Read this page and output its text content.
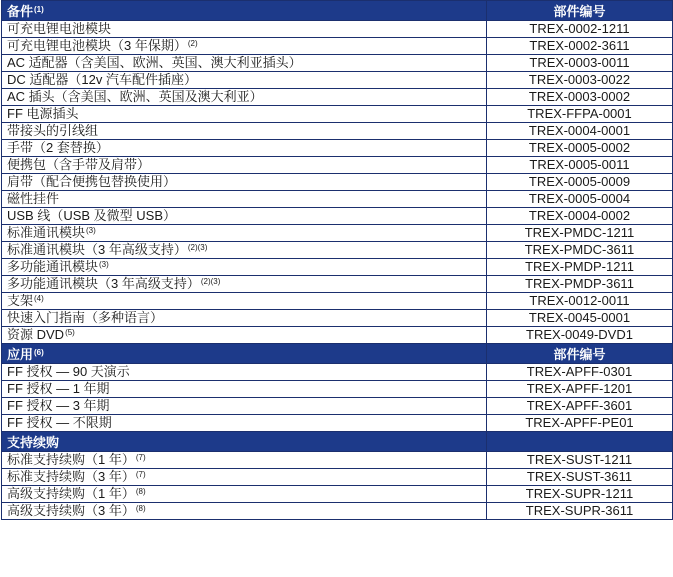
备件$^{(1)}$	部件编号
可充电锂电池模块	TREX-0002-1211
可充电锂电池模块（3 年保期）$^{(2)}$	TREX-0002-3611
AC 适配器（含美国、欧洲、英国、澳大利亚插头）	TREX-0003-0011
DC 适配器（12v 汽车配件插座）	TREX-0003-0022
AC 插头（含美国、欧洲、英国及澳大利亚）	TREX-0003-0002
FF 电源插头	TREX-FFPA-0001
带接头的引线组	TREX-0004-0001
手带（2 套替换）	TREX-0005-0002
便携包（含手带及肩带）	TREX-0005-0011
肩带（配合便携包替换使用）	TREX-0005-0009
磁性挂件	TREX-0005-0004
USB 线（USB 及微型 USB）	TREX-0004-0002
标准通讯模块$^{(3)}$	TREX-PMDC-1211
标准通讯模块（3 年高级支持）$^{(2)(3)}$	TREX-PMDC-3611
多功能通讯模块$^{(3)}$	TREX-PMDP-1211
多功能通讯模块（3 年高级支持）$^{(2)(3)}$	TREX-PMDP-3611
支架$^{(4)}$	TREX-0012-0011
快速入门指南（多种语言）	TREX-0045-0001
资源 DVD$^{(5)}$	TREX-0049-DVD1
应用$^{(6)}$	部件编号
FF 授权 — 90 天演示	TREX-APFF-0301
FF 授权 — 1 年期	TREX-APFF-1201
FF 授权 — 3 年期	TREX-APFF-3601
FF 授权 — 不限期	TREX-APFF-PE01
支持续购	
标准支持续购（1 年）$^{(7)}$	TREX-SUST-1211
标准支持续购（3 年）$^{(7)}$	TREX-SUST-3611
高级支持续购（1 年）$^{(8)}$	TREX-SUPR-1211
高级支持续购（3 年）$^{(8)}$	TREX-SUPR-3611
